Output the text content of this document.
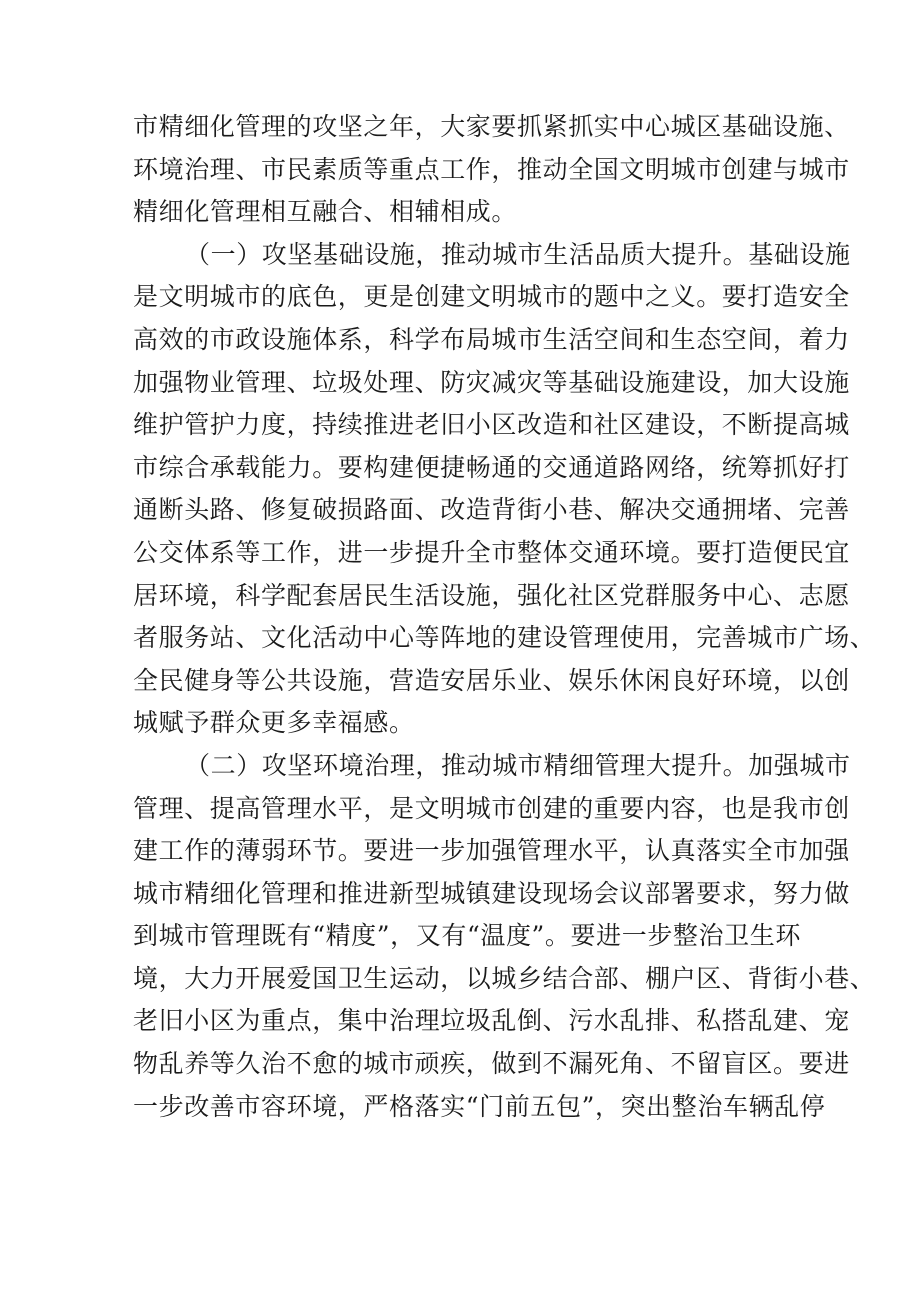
市精细化管理的攻坚之年，大家要抓紧抓实中心城区基础设施、
环境治理、市民素质等重点工作，推动全国文明城市创建与城市
精细化管理相互融合、相辅相成。
（一）攻坚基础设施，推动城市生活品质大提升。基础设施
是文明城市的底色，更是创建文明城市的题中之义。要打造安全
高效的市政设施体系，科学布局城市生活空间和生态空间，着力
加强物业管理、垃圾处理、防灾减灾等基础设施建设，加大设施
维护管护力度，持续推进老旧小区改造和社区建设，不断提高城
市综合承载能力。要构建便捷畅通的交通道路网络，统筹抓好打
通断头路、修复破损路面、改造背街小巷、解决交通拥堵、完善
公交体系等工作，进一步提升全市整体交通环境。要打造便民宜
居环境，科学配套居民生活设施，强化社区党群服务中心、志愿
者服务站、文化活动中心等阵地的建设管理使用，完善城市广场、
全民健身等公共设施，营造安居乐业、娱乐休闲良好环境，以创
城赋予群众更多幸福感。
（二）攻坚环境治理，推动城市精细管理大提升。加强城市
管理、提高管理水平，是文明城市创建的重要内容，也是我市创
建工作的薄弱环节。要进一步加强管理水平，认真落实全市加强
城市精细化管理和推进新型城镇建设现场会议部署要求，努力做
到城市管理既有“精度”，又有“温度”。要进一步整治卫生环
境，大力开展爱国卫生运动，以城乡结合部、棚户区、背街小巷、
老旧小区为重点，集中治理垃圾乱倒、污水乱排、私搭乱建、宠
物乱养等久治不愈的城市顽疾，做到不漏死角、不留盲区。要进
一步改善市容环境，严格落实“门前五包”，突出整治车辆乱停
